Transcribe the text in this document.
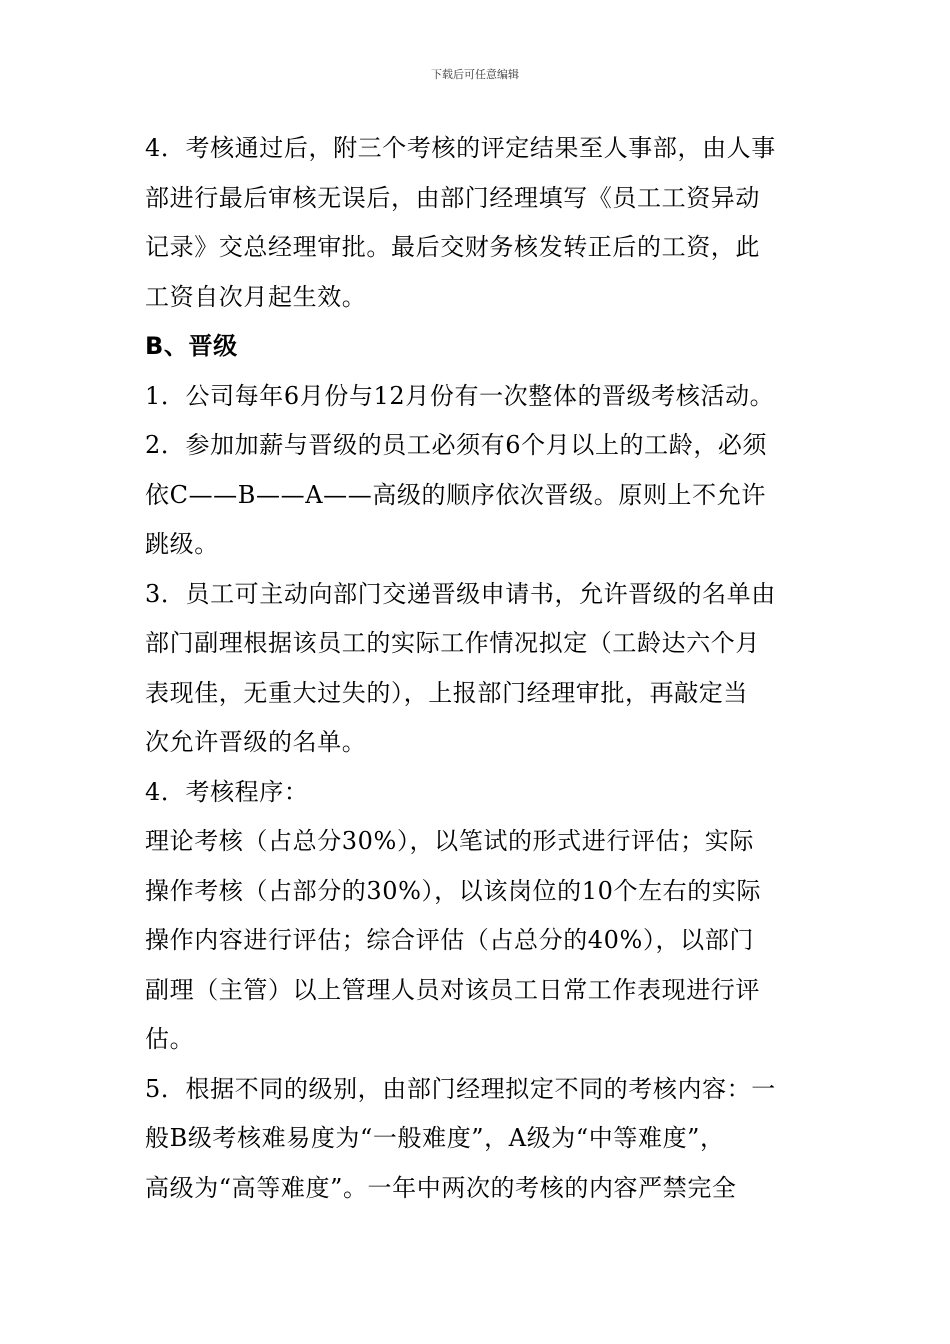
下载后可任意编辑
4．考核通过后，附三个考核的评定结果至人事部，由人事
部进行最后审核无误后，由部门经理填写《员工工资异动
记录》交总经理审批。最后交财务核发转正后的工资，此
工资自次月起生效。
B、晋级
1．公司每年6月份与12月份有一次整体的晋级考核活动。
2．参加加薪与晋级的员工必须有6个月以上的工龄，必须
依C——B——A——高级的顺序依次晋级。原则上不允许
跳级。
3．员工可主动向部门交递晋级申请书，允许晋级的名单由
部门副理根据该员工的实际工作情况拟定（工龄达六个月
表现佳，无重大过失的），上报部门经理审批，再敲定当
次允许晋级的名单。
4．考核程序：
理论考核（占总分30%），以笔试的形式进行评估；实际
操作考核（占部分的30%），以该岗位的10个左右的实际
操作内容进行评估；综合评估（占总分的40%），以部门
副理（主管）以上管理人员对该员工日常工作表现进行评
估。
5．根据不同的级别，由部门经理拟定不同的考核内容：一
般B级考核难易度为“一般难度”，A级为“中等难度”，
高级为“高等难度”。一年中两次的考核的内容严禁完全
